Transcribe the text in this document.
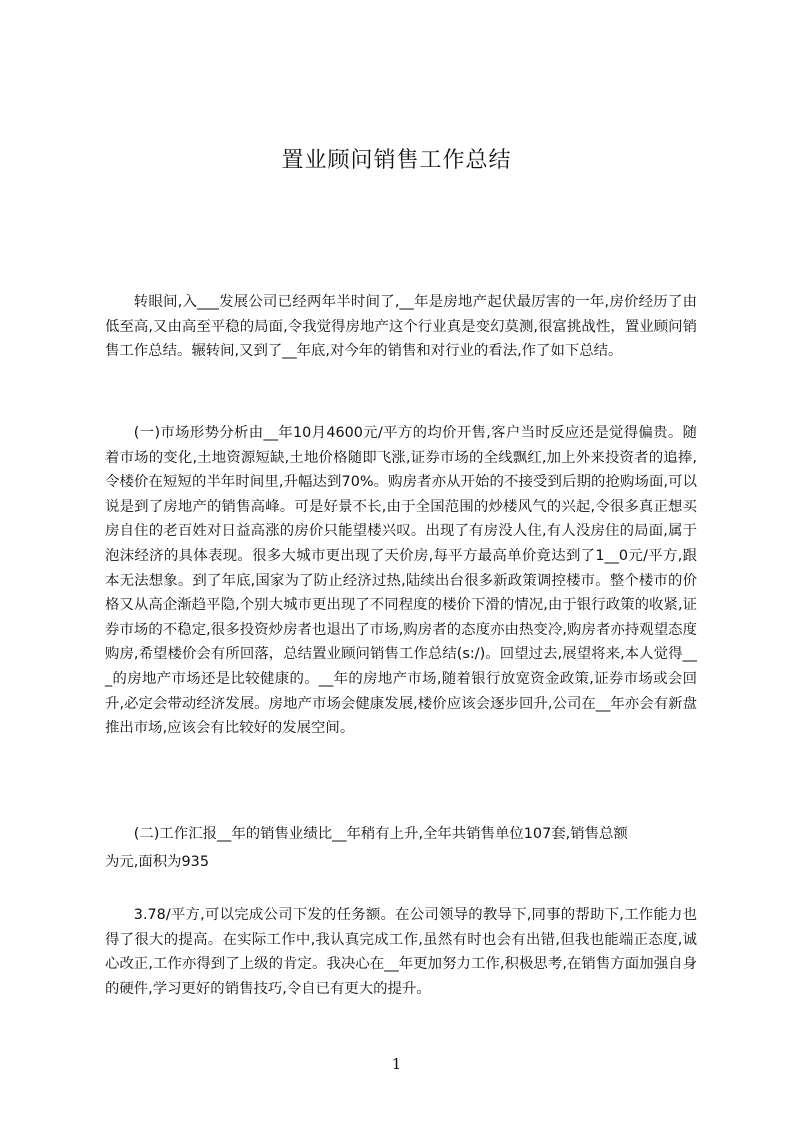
置业顾问销售工作总结

转眼间,入___发展公司已经两年半时间了,__年是房地产起伏最厉害的一年,房价经历了由低至高,又由高至平稳的局面,令我觉得房地产这个行业真是变幻莫测,很富挑战性，置业顾问销售工作总结。辗转间,又到了__年底,对今年的销售和对行业的看法,作了如下总结。

(一)市场形势分析由__年10月4600元/平方的均价开售,客户当时反应还是觉得偏贵。随着市场的变化,土地资源短缺,土地价格随即飞涨,证券市场的全线飘红,加上外来投资者的追捧,令楼价在短短的半年时间里,升幅达到70%。购房者亦从开始的不接受到后期的抢购场面,可以说是到了房地产的销售高峰。可是好景不长,由于全国范围的炒楼风气的兴起,令很多真正想买房自住的老百姓对日益高涨的房价只能望楼兴叹。出现了有房没人住,有人没房住的局面,属于泡沫经济的具体表现。很多大城市更出现了天价房,每平方最高单价竟达到了1__0元/平方,跟本无法想象。到了年底,国家为了防止经济过热,陆续出台很多新政策调控楼市。整个楼市的价格又从高企渐趋平隐,个别大城市更出现了不同程度的楼价下滑的情况,由于银行政策的收紧,证券市场的不稳定,很多投资炒房者也退出了市场,购房者的态度亦由热变冷,购房者亦持观望态度购房,希望楼价会有所回落，总结置业顾问销售工作总结(s:/)。回望过去,展望将来,本人觉得___的房地产市场还是比较健康的。__年的房地产市场,随着银行放宽资金政策,证券市场或会回升,必定会带动经济发展。房地产市场会健康发展,楼价应该会逐步回升,公司在__年亦会有新盘推出市场,应该会有比较好的发展空间。

(二)工作汇报__年的销售业绩比__年稍有上升,全年共销售单位107套,销售总额

为元,面积为935

3.78/平方,可以完成公司下发的任务额。在公司领导的教导下,同事的帮助下,工作能力也得了很大的提高。在实际工作中,我认真完成工作,虽然有时也会有出错,但我也能端正态度,诚心改正,工作亦得到了上级的肯定。我决心在__年更加努力工作,积极思考,在销售方面加强自身的硬件,学习更好的销售技巧,令自已有更大的提升。

1
